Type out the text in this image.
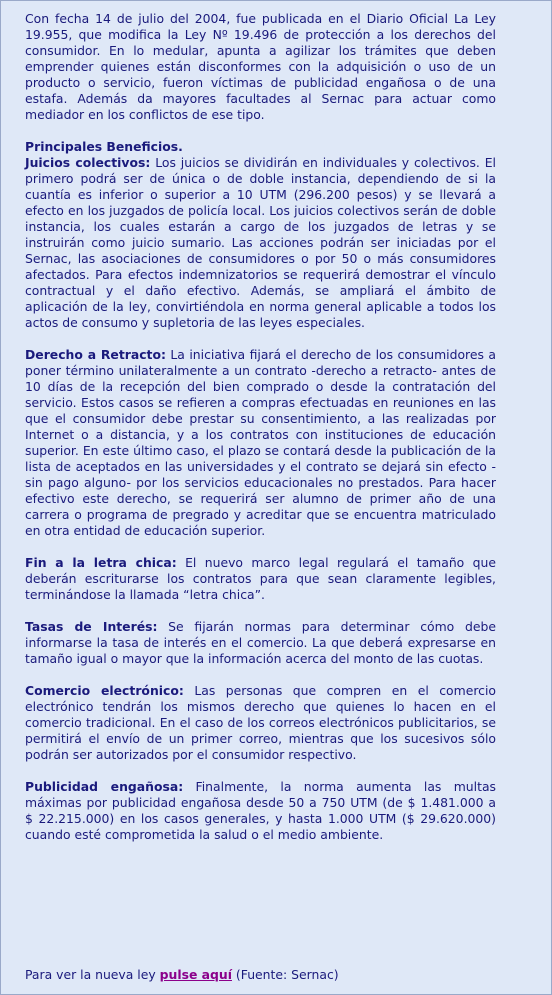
Con fecha 14 de julio del 2004, fue publicada en el Diario Oficial La Ley 19.955, que modifica la Ley Nº 19.496 de protección a los derechos del consumidor. En lo medular, apunta a agilizar los trámites que deben emprender quienes están disconformes con la adquisición o uso de un producto o servicio, fueron víctimas de publicidad engañosa o de una estafa. Además da mayores facultades al Sernac para actuar como mediador en los conflictos de ese tipo.

Principales Beneficios.

Juicios colectivos: Los juicios se dividirán en individuales y colectivos. El primero podrá ser de única o de doble instancia, dependiendo de si la cuantía es inferior o superior a 10 UTM (296.200 pesos) y se llevará a efecto en los juzgados de policía local. Los juicios colectivos serán de doble instancia, los cuales estarán a cargo de los juzgados de letras y se instruirán como juicio sumario. Las acciones podrán ser iniciadas por el Sernac, las asociaciones de consumidores o por 50 o más consumidores afectados. Para efectos indemnizatorios se requerirá demostrar el vínculo contractual y el daño efectivo. Además, se ampliará el ámbito de aplicación de la ley, convirtiéndola en norma general aplicable a todos los actos de consumo y supletoria de las leyes especiales.

Derecho a Retracto: La iniciativa fijará el derecho de los consumidores a poner término unilateralmente a un contrato -derecho a retracto- antes de 10 días de la recepción del bien comprado o desde la contratación del servicio. Estos casos se refieren a compras efectuadas en reuniones en las que el consumidor debe prestar su consentimiento, a las realizadas por Internet o a distancia, y a los contratos con instituciones de educación superior. En este último caso, el plazo se contará desde la publicación de la lista de aceptados en las universidades y el contrato se dejará sin efecto -sin pago alguno- por los servicios educacionales no prestados. Para hacer efectivo este derecho, se requerirá ser alumno de primer año de una carrera o programa de pregrado y acreditar que se encuentra matriculado en otra entidad de educación superior.

Fin a la letra chica: El nuevo marco legal regulará el tamaño que deberán escriturarse los contratos para que sean claramente legibles, terminándose la llamada “letra chica”.

Tasas de Interés: Se fijarán normas para determinar cómo debe informarse la tasa de interés en el comercio. La que deberá expresarse en tamaño igual o mayor que la información acerca del monto de las cuotas.

Comercio electrónico: Las personas que compren en el comercio electrónico tendrán los mismos derecho que quienes lo hacen en el comercio tradicional. En el caso de los correos electrónicos publicitarios, se permitirá el envío de un primer correo, mientras que los sucesivos sólo podrán ser autorizados por el consumidor respectivo.

Publicidad engañosa: Finalmente, la norma aumenta las multas máximas por publicidad engañosa desde 50 a 750 UTM (de $ 1.481.000 a $ 22.215.000) en los casos generales, y hasta 1.000 UTM ($ 29.620.000) cuando esté comprometida la salud o el medio ambiente.

Para ver la nueva ley pulse aquí (Fuente: Sernac)
